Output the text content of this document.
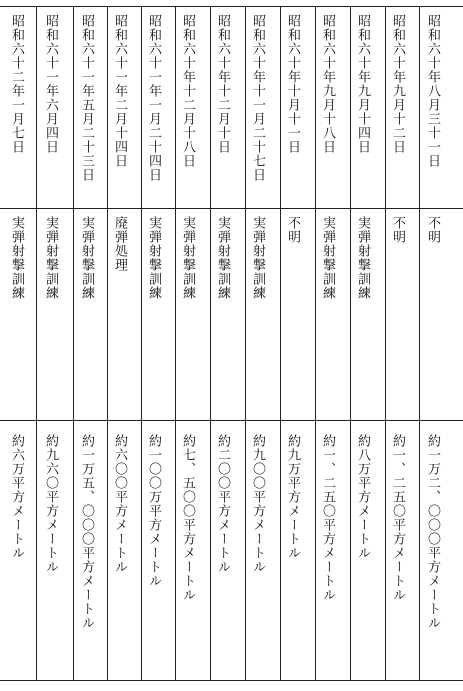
昭和六十年八月三十一日
不明
約一万二、〇〇〇平方メートル
昭和六十年九月十二日
不明
約一、二五〇平方メートル
昭和六十年九月十四日
実弾射撃訓練
約八万平方メートル
昭和六十年九月十八日
実弾射撃訓練
約一、二五〇平方メートル
昭和六十年十月十一日
不明
約九万平方メートル
昭和六十年十一月二十七日
実弾射撃訓練
約九〇〇平方メートル
昭和六十年十二月十日
実弾射撃訓練
約二〇〇平方メートル
昭和六十年十二月十八日
実弾射撃訓練
約七、五〇〇平方メートル
昭和六十一年一月二十四日
実弾射撃訓練
約一〇〇万平方メートル
昭和六十一年二月十四日
廃弾処理
約六〇〇平方メートル
昭和六十一年五月二十三日
実弾射撃訓練
約一万五、〇〇〇平方メートル
昭和六十一年六月四日
実弾射撃訓練
約九六〇平方メートル
昭和六十二年一月七日
実弾射撃訓練
約六万平方メートル
